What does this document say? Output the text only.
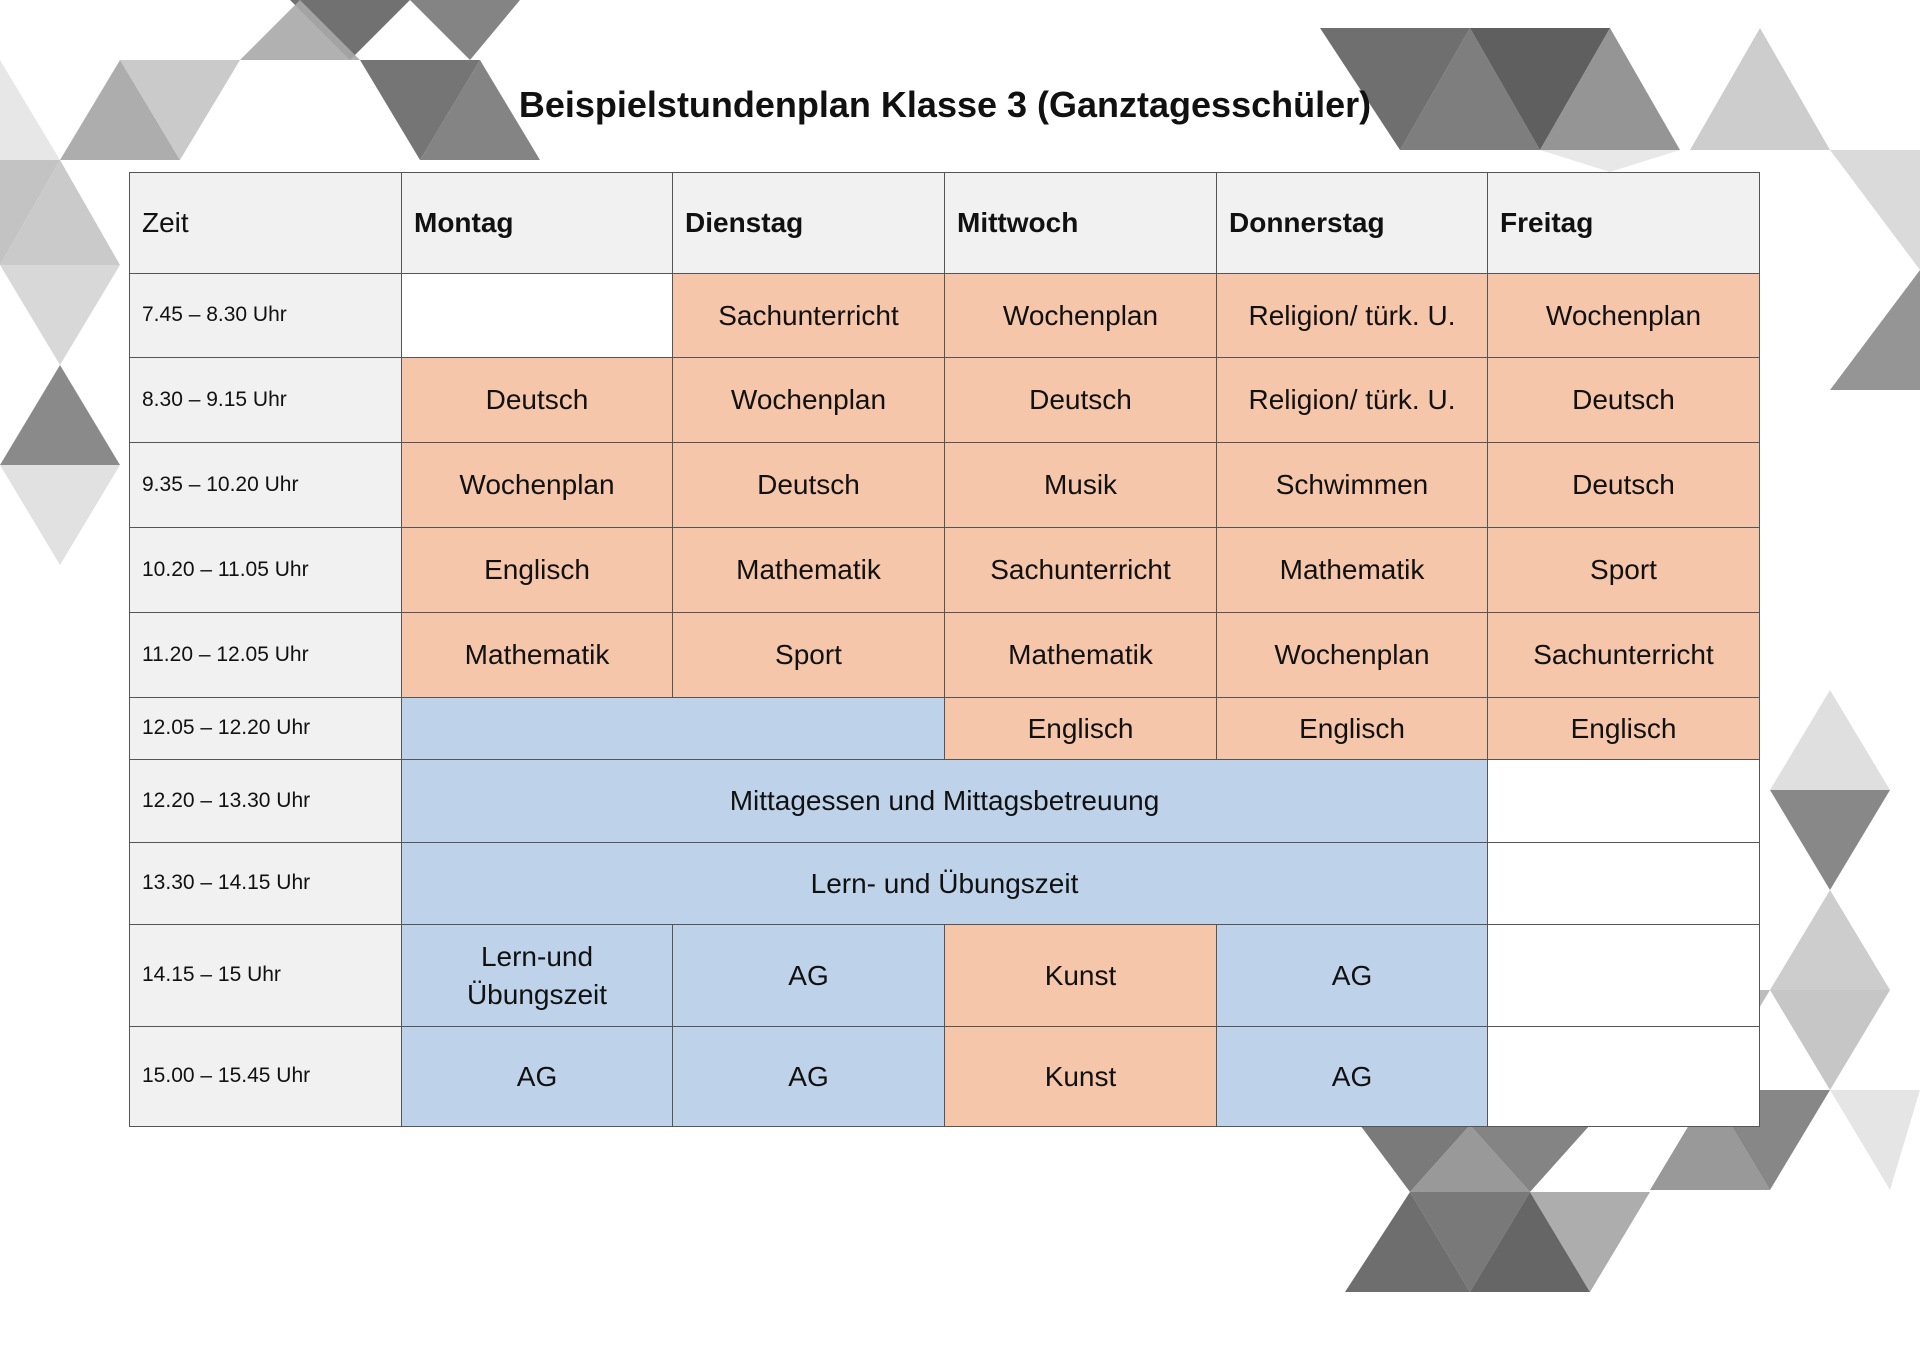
Beispielstundenplan Klasse 3 (Ganztagesschüler)
Zeit	Montag	Dienstag	Mittwoch	Donnerstag	Freitag
7.45 – 8.30 Uhr		Sachunterricht	Wochenplan	Religion/ türk. U.	Wochenplan
8.30 – 9.15 Uhr	Deutsch	Wochenplan	Deutsch	Religion/ türk. U.	Deutsch
9.35 – 10.20 Uhr	Wochenplan	Deutsch	Musik	Schwimmen	Deutsch
10.20 – 11.05 Uhr	Englisch	Mathematik	Sachunterricht	Mathematik	Sport
11.20 – 12.05 Uhr	Mathematik	Sport	Mathematik	Wochenplan	Sachunterricht
12.05 – 12.20 Uhr			Englisch	Englisch	Englisch
12.20 – 13.30 Uhr	Mittagessen und Mittagsbetreuung				
13.30 – 14.15 Uhr	Lern- und Übungszeit				
14.15 – 15 Uhr	Lern-und Übungszeit	AG	Kunst	AG	
15.00 – 15.45 Uhr	AG	AG	Kunst	AG	
